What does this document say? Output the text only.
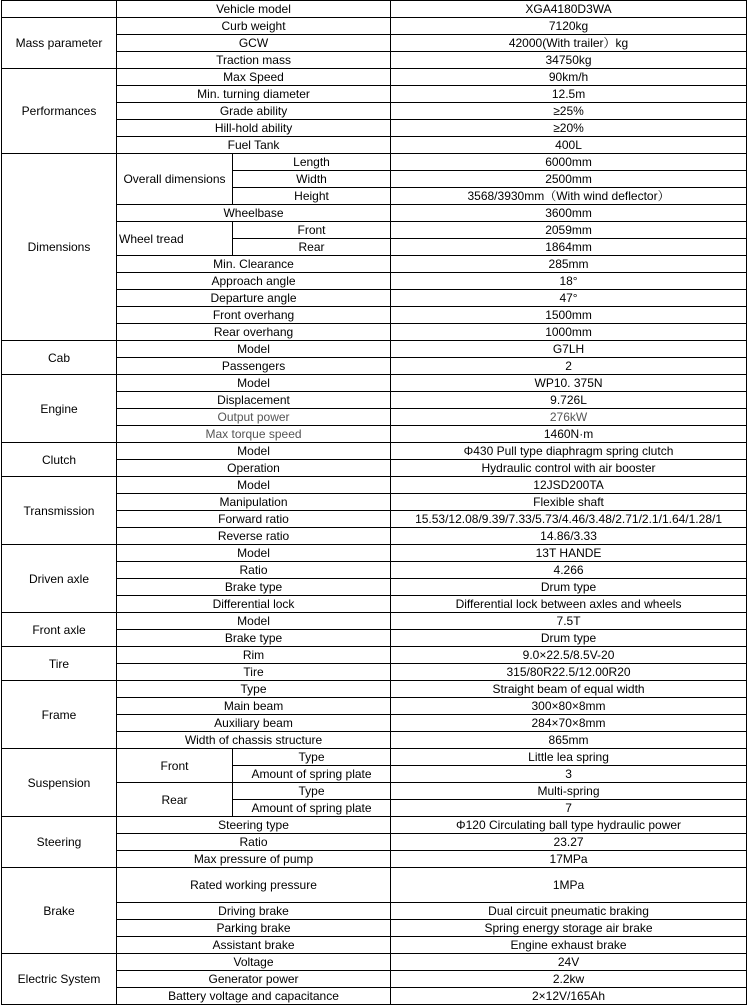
	Vehicle model		XGA4180D3WA
Mass parameter	Curb weight		7120kg
	GCW		42000(With trailer）kg
	Traction mass		34750kg
Performances	Max Speed		90km/h
	Min. turning diameter		12.5m
	Grade ability		≥25%
	Hill-hold ability		≥20%
	Fuel Tank		400L
Dimensions	Overall dimensions	Length	6000mm
		Width	2500mm
		Height	3568/3930mm（With wind deflector）
	Wheelbase		3600mm
	Wheel tread	Front	2059mm
		Rear	1864mm
	Min. Clearance		285mm
	Approach angle		18°
	Departure angle		47°
	Front overhang		1500mm
	Rear overhang		1000mm
Cab	Model		G7LH
	Passengers		2
Engine	Model		WP10. 375N
	Displacement		9.726L
	Output power		276kW
	Max torque speed		1460N·m
Clutch	Model		Φ430 Pull type diaphragm spring clutch
	Operation		Hydraulic control with air booster
Transmission	Model		12JSD200TA
	Manipulation		Flexible shaft
	Forward ratio		15.53/12.08/9.39/7.33/5.73/4.46/3.48/2.71/2.1/1.64/1.28/1
	Reverse ratio		14.86/3.33
Driven axle	Model		13T HANDE
	Ratio		4.266
	Brake type		Drum type
	Differential lock		Differential lock between axles and wheels
Front axle	Model		7.5T
	Brake type		Drum type
Tire	Rim		9.0×22.5/8.5V-20
	Tire		315/80R22.5/12.00R20
Frame	Type		Straight beam of equal width
	Main beam		300×80×8mm
	Auxiliary beam		284×70×8mm
	Width of chassis structure		865mm
Suspension	Front	Type	Little lea spring
		Amount of spring plate	3
	Rear	Type	Multi-spring
		Amount of spring plate	7
Steering	Steering type		Φ120 Circulating ball type hydraulic power
	Ratio		23.27
	Max pressure of pump		17MPa
Brake	Rated working pressure		1MPa
	Driving brake		Dual circuit pneumatic braking
	Parking brake		Spring energy storage air brake
	Assistant brake		Engine exhaust brake
Electric System	Voltage		24V
	Generator power		2.2kw
	Battery voltage and capacitance		2×12V/165Ah
